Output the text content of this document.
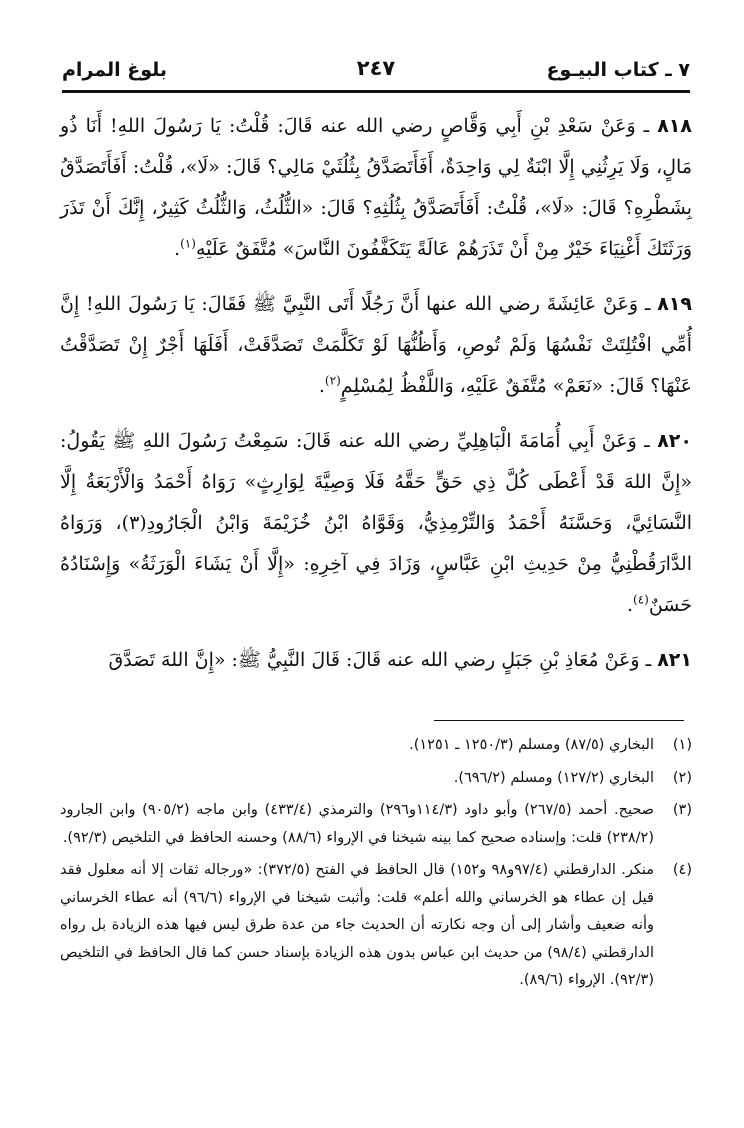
٧ ـ كتاب البيـوع
٢٤٧
بلوغ المرام

٨١٨ ـ وَعَنْ سَعْدِ بْنِ أَبِي وَقَّاصٍ رضي الله عنه قَالَ: قُلْتُ: يَا رَسُولَ اللهِ! أَنَا ذُو مَالٍ، وَلَا يَرِثُنِي إِلَّا ابْنَةٌ لِي وَاحِدَةٌ، أَفَأَتَصَدَّقُ بِثُلُثَيْ مَالِي؟ قَالَ: «لَا»، قُلْتُ: أَفَأَتَصَدَّقُ بِشَطْرِهِ؟ قَالَ: «لَا»، قُلْتُ: أَفَأَتَصَدَّقُ بِثُلُثِهِ؟ قَالَ: «الثُّلُثُ، وَالثُّلُثُ كَثِيرٌ، إِنَّكَ أَنْ تَذَرَ وَرَثَتَكَ أَغْنِيَاءَ خَيْرٌ مِنْ أَنْ تَذَرَهُمْ عَالَةً يَتَكَفَّفُونَ النَّاسَ» مُتَّفَقٌ عَلَيْهِ$^{(١)}$.

٨١٩ ـ وَعَنْ عَائِشَةَ رضي الله عنها أَنَّ رَجُلًا أَتَى النَّبِيَّ ﷺ فَقَالَ: يَا رَسُولَ اللهِ! إِنَّ أُمِّي افْتُلِتَتْ نَفْسُهَا وَلَمْ تُوصِ، وَأَظُنُّهَا لَوْ تَكَلَّمَتْ تَصَدَّقَتْ، أَفَلَهَا أَجْرٌ إِنْ تَصَدَّقْتُ عَنْهَا؟ قَالَ: «نَعَمْ» مُتَّفَقٌ عَلَيْهِ، وَاللَّفْظُ لِمُسْلِمٍ$^{(٢)}$.

٨٢٠ ـ وَعَنْ أَبِي أُمَامَةَ الْبَاهِلِيِّ رضي الله عنه قَالَ: سَمِعْتُ رَسُولَ اللهِ ﷺ يَقُولُ: «إِنَّ اللهَ قَدْ أَعْطَى كُلَّ ذِي حَقٍّ حَقَّهُ فَلَا وَصِيَّةَ لِوَارِثٍ» رَوَاهُ أَحْمَدُ وَالْأَرْبَعَةُ إِلَّا النَّسَائِيَّ، وَحَسَّنَهُ أَحْمَدُ وَالتِّرْمِذِيُّ، وَقَوَّاهُ ابْنُ خُزَيْمَةَ وَابْنُ الْجَارُودِ(٣)، وَرَوَاهُ الدَّارَقُطْنِيُّ مِنْ حَدِيثِ ابْنِ عَبَّاسٍ، وَزَادَ فِي آخِرِهِ: «إِلَّا أَنْ يَشَاءَ الْوَرَثَةُ» وَإِسْنَادُهُ حَسَنٌ$^{(٤)}$.

٨٢١ ـ وَعَنْ مُعَاذِ بْنِ جَبَلٍ رضي الله عنه قَالَ: قَالَ النَّبِيُّ ﷺ: «إِنَّ اللهَ تَصَدَّقَ

(١)
البخاري (٨٧/٥) ومسلم (١٢٥٠/٣ ـ ١٢٥١).
(٢)
البخاري (١٢٧/٢) ومسلم (٦٩٦/٢).
(٣)
صحيح. أحمد (٢٦٧/٥) وأبو داود (١١٤/٣و٢٩٦) والترمذي (٤٣٣/٤) وابن ماجه (٩٠٥/٢) وابن الجارود (٢٣٨/٢) قلت: وإسناده صحيح كما بينه شيخنا في الإرواء (٨٨/٦) وحسنه الحافظ في التلخيص (٩٢/٣).
(٤)
منكر. الدارقطني (٩٧/٤و٩٨ و١٥٢) قال الحافظ في الفتح (٣٧٢/٥): «ورجاله ثقات إلا أنه معلول فقد قيل إن عطاء هو الخرساني والله أعلم» قلت: وأثبت شيخنا في الإرواء (٩٦/٦) أنه عطاء الخرساني وأنه ضعيف وأشار إلى أن وجه نكارته أن الحديث جاء من عدة طرق ليس فيها هذه الزيادة بل رواه الدارقطني (٩٨/٤) من حديث ابن عباس بدون هذه الزيادة بإسناد حسن كما قال الحافظ في التلخيص (٩٢/٣). الإرواء (٨٩/٦).
